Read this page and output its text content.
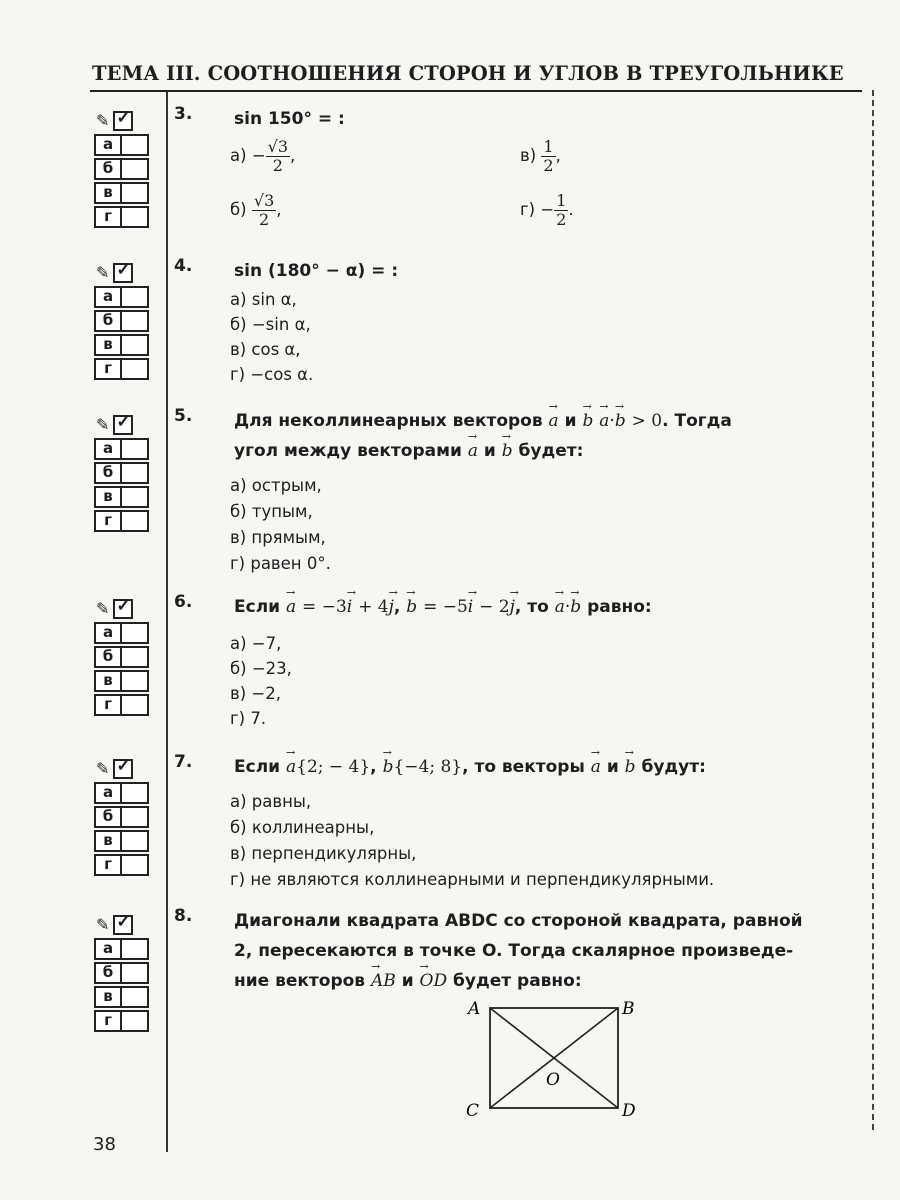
ТЕМА III. СООТНОШЕНИЯ СТОРОН И УГЛОВ В ТРЕУГОЛЬНИКЕ
✎ ✓
а
б
в
г
✎ ✓
а
б
в
г
✎ ✓
а
б
в
г
✎ ✓
а
б
в
г
✎ ✓
а
б
в
г
✎ ✓
а
б
в
г
3. sin 150° = :
$а) - \frac{√3}{2}$ ,	$в) \frac{1}{2}$ ,
$б) \frac{√3}{2}$ ,	$г) - \frac{1}{2}$ .
4. sin (180° − α) = :
а) sin α,
б) −sin α,
в) cos α,
г) −cos α.
5. Для неколлинеарных векторов → a и → b → a·→ b > 0. Тогда
угол между векторами → a и → b будет:
а) острым,
б) тупым,
в) прямым,
г) равен 0°.
6. Если → a = −3→ i + 4→ j, → b = −5→ i − 2→ j, то → a·→ b равно:
а) −7,
б) −23,
в) −2,
г) 7.
7. Если → a{2; − 4}, → b{−4; 8}, то векторы → a и → b будут:
а) равны,
б) коллинеарны,
в) перпендикулярны,
г) не являются коллинеарными и перпендикулярными.
8. Диагонали квадрата ABDC со стороной квадрата, равной
2, пересекаются в точке O. Тогда скалярное произведе-
ние векторов → AB и → OD будет равно:
A	B
C	D
O
38
